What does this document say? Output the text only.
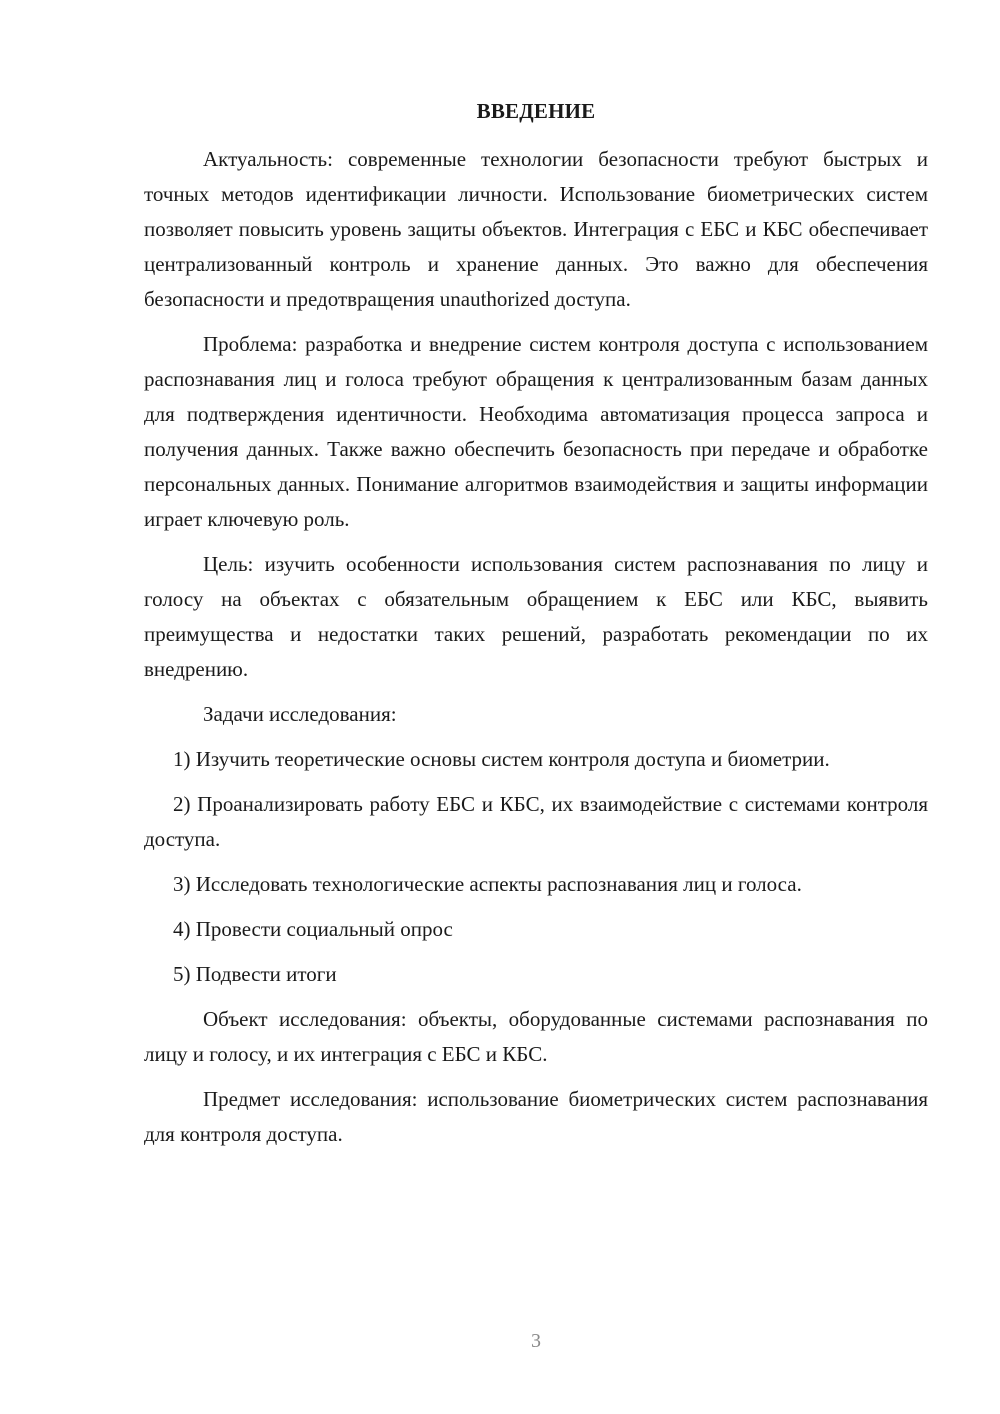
ВВЕДЕНИЕ

Актуальность: современные технологии безопасности требуют быстрых и точных методов идентификации личности. Использование биометрических систем позволяет повысить уровень защиты объектов. Интеграция с ЕБС и КБС обеспечивает централизованный контроль и хранение данных. Это важно для обеспечения безопасности и предотвращения unauthorized доступа.

Проблема: разработка и внедрение систем контроля доступа с использованием распознавания лиц и голоса требуют обращения к централизованным базам данных для подтверждения идентичности. Необходима автоматизация процесса запроса и получения данных. Также важно обеспечить безопасность при передаче и обработке персональных данных. Понимание алгоритмов взаимодействия и защиты информации играет ключевую роль.

Цель: изучить особенности использования систем распознавания по лицу и голосу на объектах с обязательным обращением к ЕБС или КБС, выявить преимущества и недостатки таких решений, разработать рекомендации по их внедрению.

Задачи исследования:

1) Изучить теоретические основы систем контроля доступа и биометрии.

2) Проанализировать работу ЕБС и КБС, их взаимодействие с системами контроля доступа.

3) Исследовать технологические аспекты распознавания лиц и голоса.

4) Провести социальный опрос

5) Подвести итоги

Объект исследования: объекты, оборудованные системами распознавания по лицу и голосу, и их интеграция с ЕБС и КБС.

Предмет исследования: использование биометрических систем распознавания для контроля доступа.

3
